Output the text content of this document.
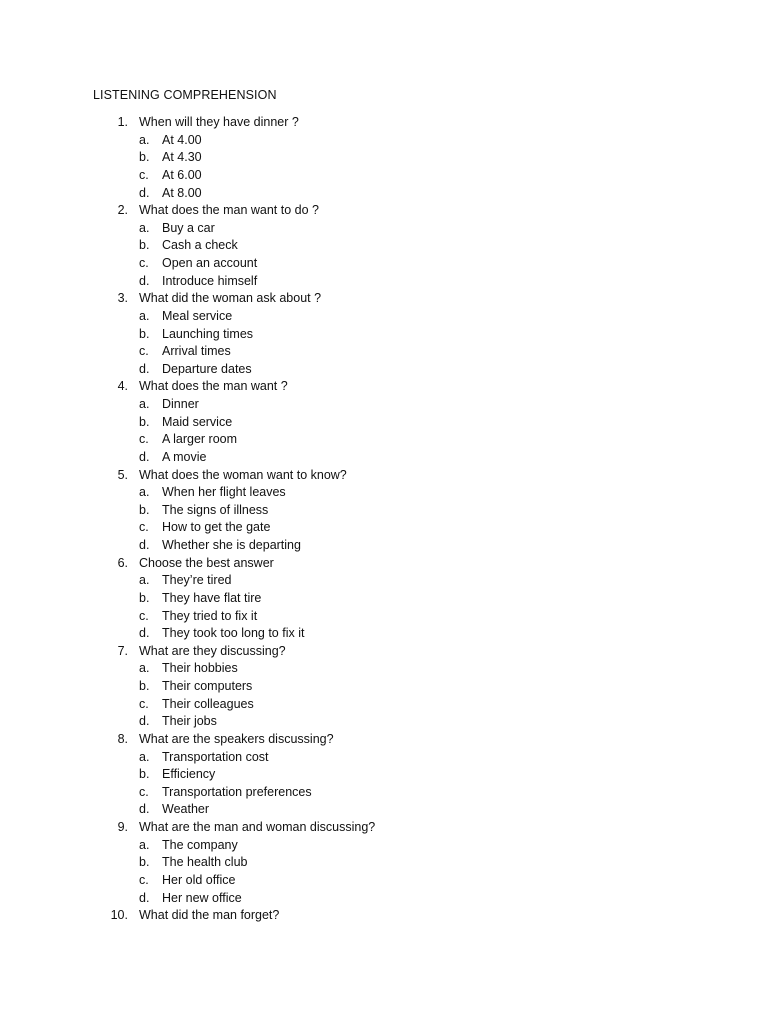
LISTENING COMPREHENSION
1. When will they have dinner ?
a. At 4.00
b. At 4.30
c. At 6.00
d. At 8.00
2. What does the man want to do ?
a. Buy a car
b. Cash a check
c. Open an account
d. Introduce himself
3. What did the woman ask about ?
a. Meal service
b. Launching times
c. Arrival times
d. Departure dates
4. What does the man want ?
a. Dinner
b. Maid service
c. A larger room
d. A movie
5. What does the woman want to know?
a. When her flight leaves
b. The signs of illness
c. How to get the gate
d. Whether she is departing
6. Choose the best answer
a. They’re tired
b. They have flat tire
c. They tried to fix it
d. They took too long to fix it
7. What are they discussing?
a. Their hobbies
b. Their computers
c. Their colleagues
d. Their jobs
8. What are the speakers discussing?
a. Transportation cost
b. Efficiency
c. Transportation preferences
d. Weather
9. What are the man and woman discussing?
a. The company
b. The health club
c. Her old office
d. Her new office
10. What did the man forget?
